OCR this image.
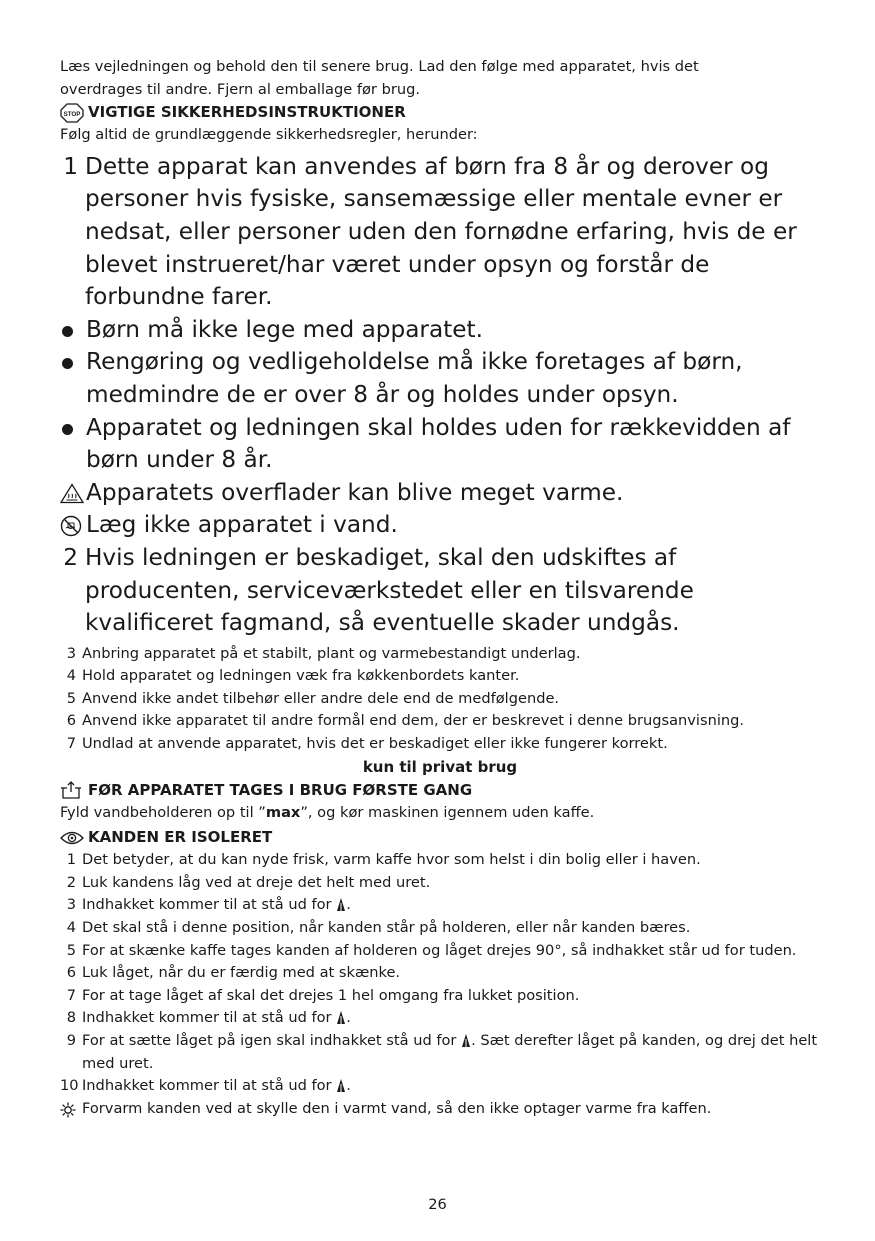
Læs vejledningen og behold den til senere brug. Lad den følge med apparatet, hvis det
overdrages til andre. Fjern al emballage før brug.

STOP VIGTIGE SIKKERHEDSINSTRUKTIONER
Følg altid de grundlæggende sikkerhedsregler, herunder:
1 Dette apparat kan anvendes af børn fra 8 år og derover og personer hvis fysiske, sansemæssige eller mentale evner er nedsat, eller personer uden den fornødne erfaring, hvis de er blevet instrueret/har været under opsyn og forstår de forbundne farer.
Børn må ikke lege med apparatet.
Rengøring og vedligeholdelse må ikke foretages af børn, medmindre de er over 8 år og holdes under opsyn.
Apparatet og ledningen skal holdes uden for rækkevidden af børn under 8 år.
Apparatets overflader kan blive meget varme.
Læg ikke apparatet i vand.
2 Hvis ledningen er beskadiget, skal den udskiftes af producenten, serviceværkstedet eller en tilsvarende kvalificeret fagmand, så eventuelle skader undgås.
3 Anbring apparatet på et stabilt, plant og varmebestandigt underlag.
4 Hold apparatet og ledningen væk fra køkkenbordets kanter.
5 Anvend ikke andet tilbehør eller andre dele end de medfølgende.
6 Anvend ikke apparatet til andre formål end dem, der er beskrevet i denne brugsanvisning.
7 Undlad at anvende apparatet, hvis det er beskadiget eller ikke fungerer korrekt.
kun til privat brug
FØR APPARATET TAGES I BRUG FØRSTE GANG
Fyld vandbeholderen op til ”max”, og kør maskinen igennem uden kaffe.
KANDEN ER ISOLERET
1 Det betyder, at du kan nyde frisk, varm kaffe hvor som helst i din bolig eller i haven.
2 Luk kandens låg ved at dreje det helt med uret.
3 Indhakket kommer til at stå ud for .
4 Det skal stå i denne position, når kanden står på holderen, eller når kanden bæres.
5 For at skænke kaffe tages kanden af holderen og låget drejes 90°, så indhakket står ud for tuden.
6 Luk låget, når du er færdig med at skænke.
7 For at tage låget af skal det drejes 1 hel omgang fra lukket position.
8 Indhakket kommer til at stå ud for .
9 For at sætte låget på igen skal indhakket stå ud for . Sæt derefter låget på kanden, og drej det helt med uret.
10 Indhakket kommer til at stå ud for .
Forvarm kanden ved at skylle den i varmt vand, så den ikke optager varme fra kaffen.
26
